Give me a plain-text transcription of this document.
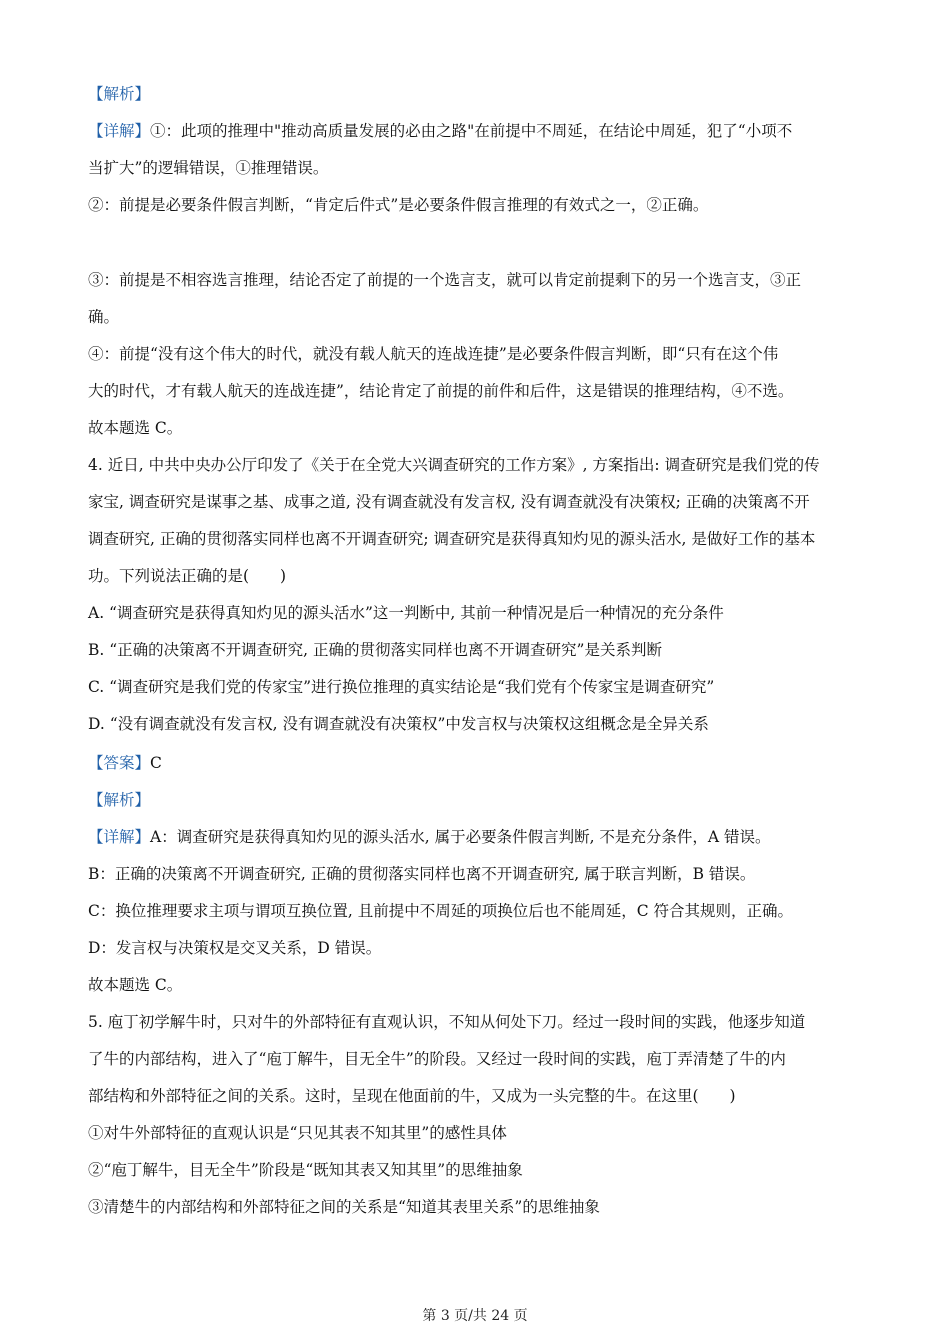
【解析】
【详解】①：此项的推理中"推动高质量发展的必由之路"在前提中不周延，在结论中周延，犯了“小项不
当扩大”的逻辑错误，①推理错误。
②：前提是必要条件假言判断，“肯定后件式”是必要条件假言推理的有效式之一，②正确。
③：前提是不相容选言推理，结论否定了前提的一个选言支，就可以肯定前提剩下的另一个选言支，③正
确。
④：前提“没有这个伟大的时代，就没有载人航天的连战连捷”是必要条件假言判断，即“只有在这个伟
大的时代，才有载人航天的连战连捷”，结论肯定了前提的前件和后件，这是错误的推理结构，④不选。
故本题选 C。
4. 近日, 中共中央办公厅印发了《关于在全党大兴调查研究的工作方案》, 方案指出: 调查研究是我们党的传
家宝, 调查研究是谋事之基、成事之道, 没有调查就没有发言权, 没有调查就没有决策权; 正确的决策离不开
调查研究, 正确的贯彻落实同样也离不开调查研究; 调查研究是获得真知灼见的源头活水, 是做好工作的基本
功。下列说法正确的是(　　)
A. “调查研究是获得真知灼见的源头活水”这一判断中, 其前一种情况是后一种情况的充分条件
B. “正确的决策离不开调查研究, 正确的贯彻落实同样也离不开调查研究”是关系判断
C. “调查研究是我们党的传家宝”进行换位推理的真实结论是“我们党有个传家宝是调查研究”
D. “没有调查就没有发言权, 没有调查就没有决策权”中发言权与决策权这组概念是全异关系
【答案】C
【解析】
【详解】A：调查研究是获得真知灼见的源头活水, 属于必要条件假言判断, 不是充分条件，A 错误。
B：正确的决策离不开调查研究, 正确的贯彻落实同样也离不开调查研究, 属于联言判断，B 错误。
C：换位推理要求主项与谓项互换位置, 且前提中不周延的项换位后也不能周延，C 符合其规则，正确。
D：发言权与决策权是交叉关系，D 错误。
故本题选 C。
5. 庖丁初学解牛时，只对牛的外部特征有直观认识，不知从何处下刀。经过一段时间的实践，他逐步知道
了牛的内部结构，进入了“庖丁解牛，目无全牛”的阶段。又经过一段时间的实践，庖丁弄清楚了牛的内
部结构和外部特征之间的关系。这时，呈现在他面前的牛，又成为一头完整的牛。在这里(　　)
①对牛外部特征的直观认识是“只见其表不知其里”的感性具体
②“庖丁解牛，目无全牛”阶段是“既知其表又知其里”的思维抽象
③清楚牛的内部结构和外部特征之间的关系是“知道其表里关系”的思维抽象
第 3 页/共 24 页
